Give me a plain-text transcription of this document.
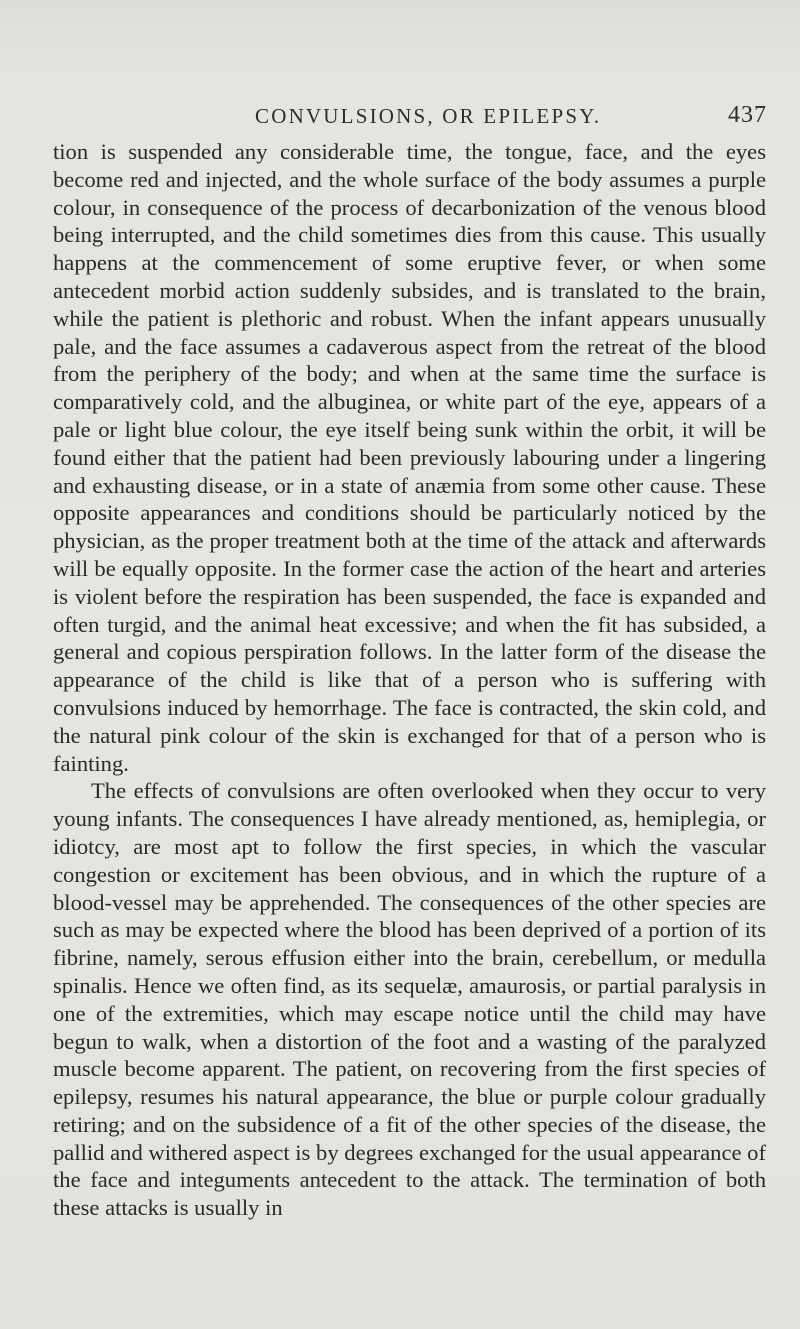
CONVULSIONS, OR EPILEPSY.	437

tion is suspended any considerable time, the tongue, face, and the eyes become red and injected, and the whole surface of the body assumes a purple colour, in consequence of the process of decarbonization of the venous blood being interrupted, and the child sometimes dies from this cause. This usually happens at the commencement of some eruptive fever, or when some antecedent morbid action suddenly subsides, and is translated to the brain, while the patient is plethoric and robust. When the infant appears unusually pale, and the face assumes a cadaverous aspect from the retreat of the blood from the periphery of the body; and when at the same time the surface is comparatively cold, and the albuginea, or white part of the eye, appears of a pale or light blue colour, the eye itself being sunk within the orbit, it will be found either that the patient had been previously labouring under a lingering and exhausting disease, or in a state of anæmia from some other cause. These opposite appearances and conditions should be particularly noticed by the physician, as the proper treatment both at the time of the attack and afterwards will be equally opposite. In the former case the action of the heart and arteries is violent before the respiration has been suspended, the face is expanded and often turgid, and the animal heat excessive; and when the fit has subsided, a general and copious perspiration follows. In the latter form of the disease the appearance of the child is like that of a person who is suffering with convulsions induced by hemorrhage. The face is contracted, the skin cold, and the natural pink colour of the skin is exchanged for that of a person who is fainting.

The effects of convulsions are often overlooked when they occur to very young infants. The consequences I have already mentioned, as, hemiplegia, or idiotcy, are most apt to follow the first species, in which the vascular congestion or excitement has been obvious, and in which the rupture of a blood-vessel may be apprehended. The consequences of the other species are such as may be expected where the blood has been deprived of a portion of its fibrine, namely, serous effusion either into the brain, cerebellum, or medulla spinalis. Hence we often find, as its sequelæ, amaurosis, or partial paralysis in one of the extremities, which may escape notice until the child may have begun to walk, when a distortion of the foot and a wasting of the paralyzed muscle become apparent. The patient, on recovering from the first species of epilepsy, resumes his natural appearance, the blue or purple colour gradually retiring; and on the subsidence of a fit of the other species of the disease, the pallid and withered aspect is by degrees exchanged for the usual appearance of the face and integuments antecedent to the attack. The termination of both these attacks is usually in
